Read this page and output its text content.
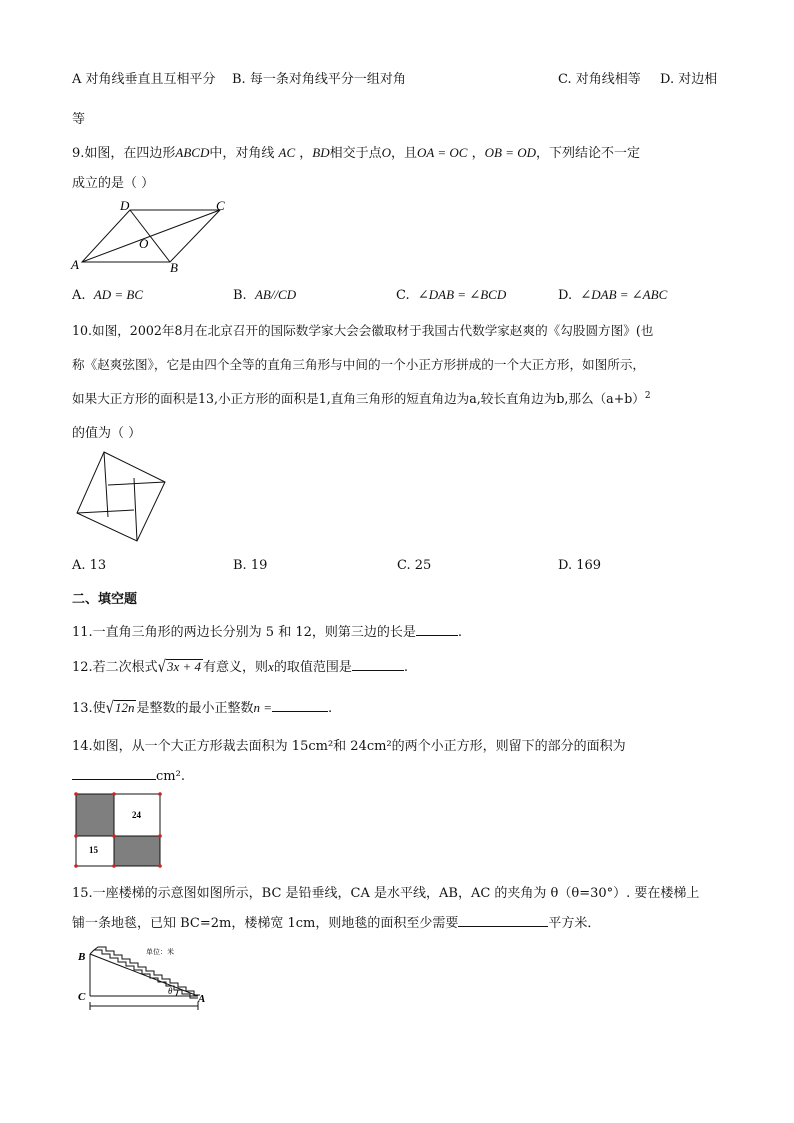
A 对角线垂直且互相平分 B. 每一条对角线平分一组对角	C. 对角线相等 D. 对边相
等
9.如图，在四边形ABCD中，对角线 AC ，BD相交于点O，且OA = OC ，OB = OD，下列结论不一定
成立的是（ ）
D	C
O
A	B
A. AD = BC	B. AB//CD	C. ∠DAB = ∠BCD	D. ∠DAB = ∠ABC
10.如图，2002年8月在北京召开的国际数学家大会会徽取材于我国古代数学家赵爽的《勾股圆方图》(也
称《赵爽弦图》，它是由四个全等的直角三角形与中间的一个小正方形拼成的一个大正方形，如图所示，
如果大正方形的面积是13,小正方形的面积是1,直角三角形的短直角边为a,较长直角边为b,那么$(a+b)^2$
的值为（ ）
A. 13	B. 19	C. 25	D. 169
二、填空题
11.一直角三角形的两边长分别为 5 和 12，则第三边的长是	.
12.若二次根式√3x + 4 有意义，则x的取值范围是	.
13.使√12n 是整数的最小正整数n =	.
14.如图，从一个大正方形裁去面积为 15cm²和 24cm²的两个小正方形，则留下的部分的面积为
cm².
24
15
15.一座楼梯的示意图如图所示，BC 是铅垂线，CA 是水平线，AB，AC 的夹角为 θ（θ=30°）. 要在楼梯上
铺一条地毯，已知 BC=2m，楼梯宽 1cm，则地毯的面积至少需要	平方米．
B
C	A
θ
单位：米
